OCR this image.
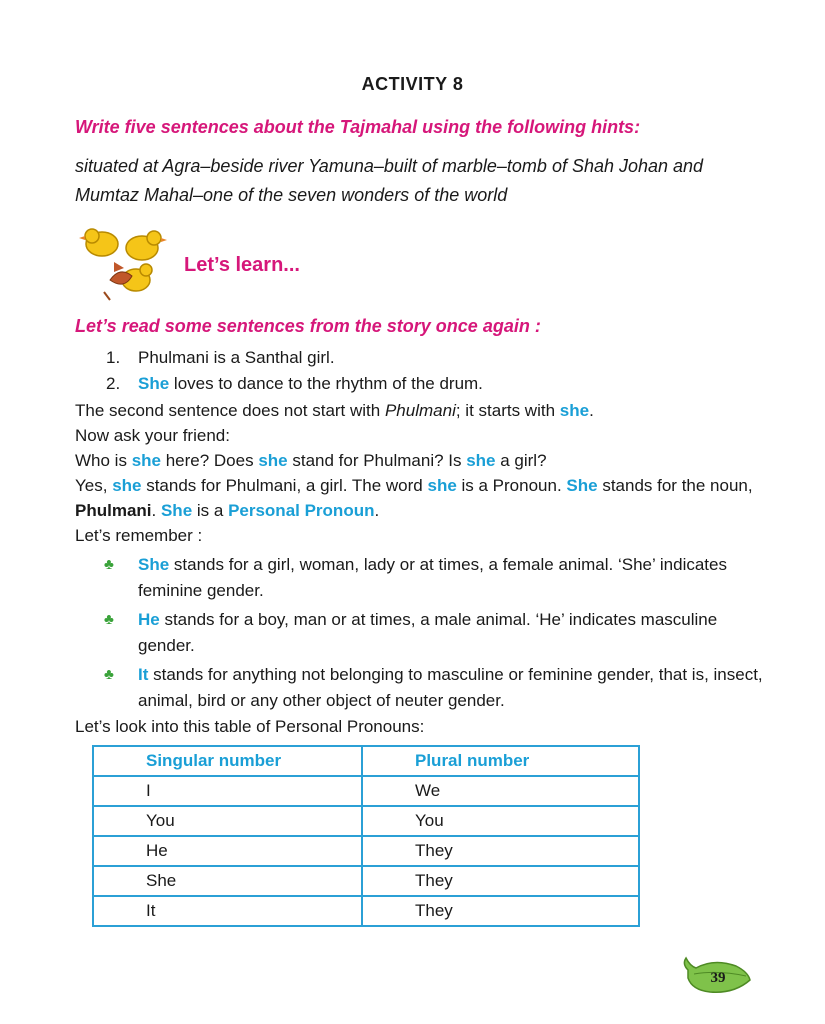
ACTIVITY 8
Write five sentences about the Tajmahal using the following hints:
situated at Agra–beside river Yamuna–built of marble–tomb of Shah Johan and Mumtaz Mahal–one of the seven wonders of the world
Let’s learn...
Let’s read some sentences from the story once again :
1. Phulmani is a Santhal girl.
2. She loves to dance to the rhythm of the drum.
The second sentence does not start with Phulmani; it starts with she.
Now ask your friend:
Who is she here? Does she stand for Phulmani? Is she a girl?
Yes, she stands for Phulmani, a girl. The word she is a Pronoun. She stands for the noun, Phulmani. She is a Personal Pronoun.
Let’s remember :
♣ She stands for a girl, woman, lady or at times, a female animal. ‘She’ indicates feminine gender.
♣ He stands for a boy, man or at times, a male animal. ‘He’ indicates masculine gender.
♣ It stands for anything not belonging to masculine or feminine gender, that is, insect, animal, bird or any other object of neuter gender.
Let’s look into this table of Personal Pronouns:
Singular number	Plural number
I	We
You	You
He	They
She	They
It	They
39
